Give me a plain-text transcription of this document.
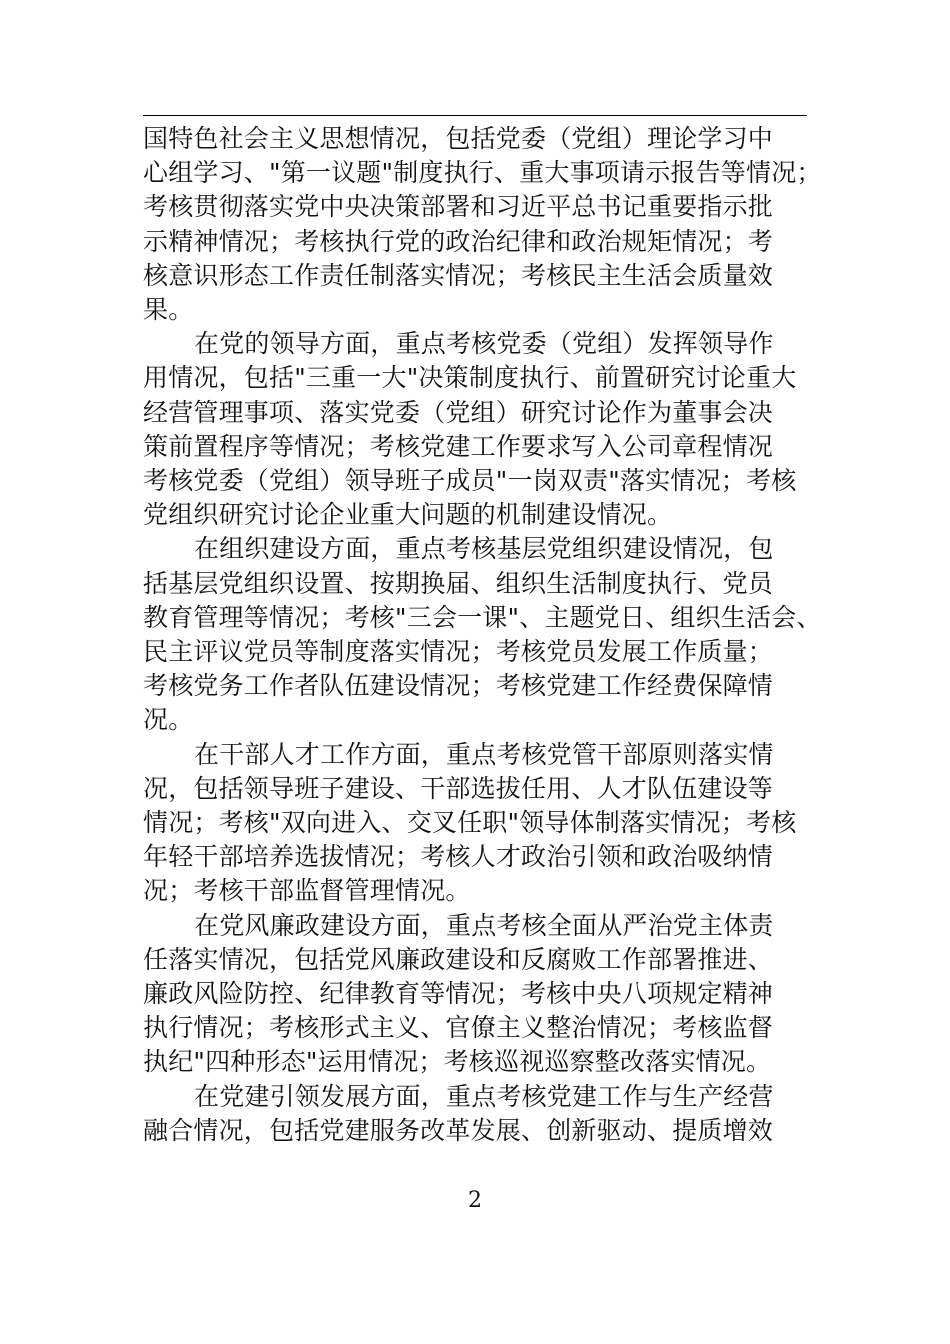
国特色社会主义思想情况，包括党委（党组）理论学习中

心组学习、"第一议题"制度执行、重大事项请示报告等情况；

考核贯彻落实党中央决策部署和习近平总书记重要指示批

示精神情况；考核执行党的政治纪律和政治规矩情况；考

核意识形态工作责任制落实情况；考核民主生活会质量效

果。

在党的领导方面，重点考核党委（党组）发挥领导作

用情况，包括"三重一大"决策制度执行、前置研究讨论重大

经营管理事项、落实党委（党组）研究讨论作为董事会决

策前置程序等情况；考核党建工作要求写入公司章程情况

考核党委（党组）领导班子成员"一岗双责"落实情况；考核

党组织研究讨论企业重大问题的机制建设情况。

在组织建设方面，重点考核基层党组织建设情况，包

括基层党组织设置、按期换届、组织生活制度执行、党员

教育管理等情况；考核"三会一课"、主题党日、组织生活会、

民主评议党员等制度落实情况；考核党员发展工作质量；

考核党务工作者队伍建设情况；考核党建工作经费保障情

况。

在干部人才工作方面，重点考核党管干部原则落实情

况，包括领导班子建设、干部选拔任用、人才队伍建设等

情况；考核"双向进入、交叉任职"领导体制落实情况；考核

年轻干部培养选拔情况；考核人才政治引领和政治吸纳情

况；考核干部监督管理情况。

在党风廉政建设方面，重点考核全面从严治党主体责

任落实情况，包括党风廉政建设和反腐败工作部署推进、

廉政风险防控、纪律教育等情况；考核中央八项规定精神

执行情况；考核形式主义、官僚主义整治情况；考核监督

执纪"四种形态"运用情况；考核巡视巡察整改落实情况。

在党建引领发展方面，重点考核党建工作与生产经营

融合情况，包括党建服务改革发展、创新驱动、提质增效

2
